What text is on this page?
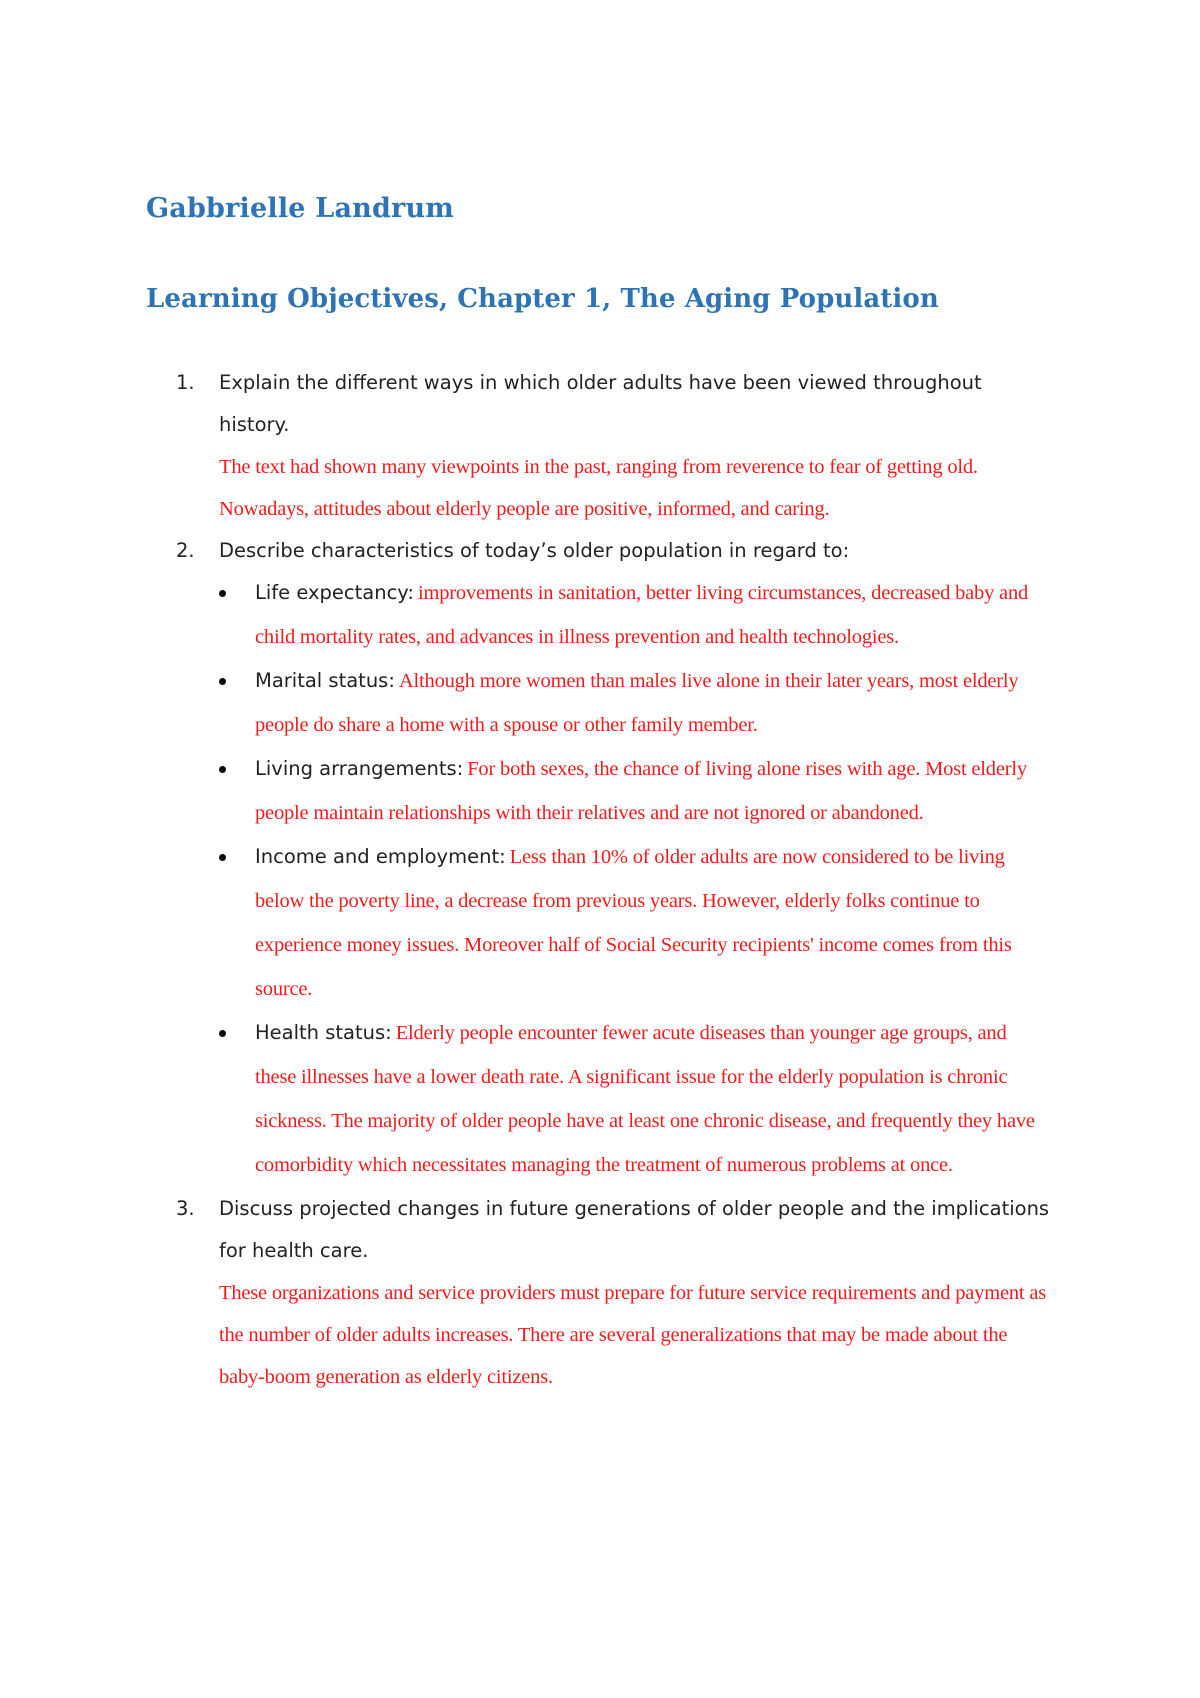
Gabbrielle Landrum
Learning Objectives, Chapter 1, The Aging Population
1. Explain the different ways in which older adults have been viewed throughout history.
The text had shown many viewpoints in the past, ranging from reverence to fear of getting old. Nowadays, attitudes about elderly people are positive, informed, and caring.
2. Describe characteristics of today’s older population in regard to:
Life expectancy: improvements in sanitation, better living circumstances, decreased baby and child mortality rates, and advances in illness prevention and health technologies.
Marital status: Although more women than males live alone in their later years, most elderly people do share a home with a spouse or other family member.
Living arrangements: For both sexes, the chance of living alone rises with age. Most elderly people maintain relationships with their relatives and are not ignored or abandoned.
Income and employment: Less than 10% of older adults are now considered to be living below the poverty line, a decrease from previous years. However, elderly folks continue to experience money issues. Moreover half of Social Security recipients' income comes from this source.
Health status: Elderly people encounter fewer acute diseases than younger age groups, and these illnesses have a lower death rate. A significant issue for the elderly population is chronic sickness. The majority of older people have at least one chronic disease, and frequently they have comorbidity which necessitates managing the treatment of numerous problems at once.
3. Discuss projected changes in future generations of older people and the implications for health care.
These organizations and service providers must prepare for future service requirements and payment as the number of older adults increases. There are several generalizations that may be made about the baby-boom generation as elderly citizens.
